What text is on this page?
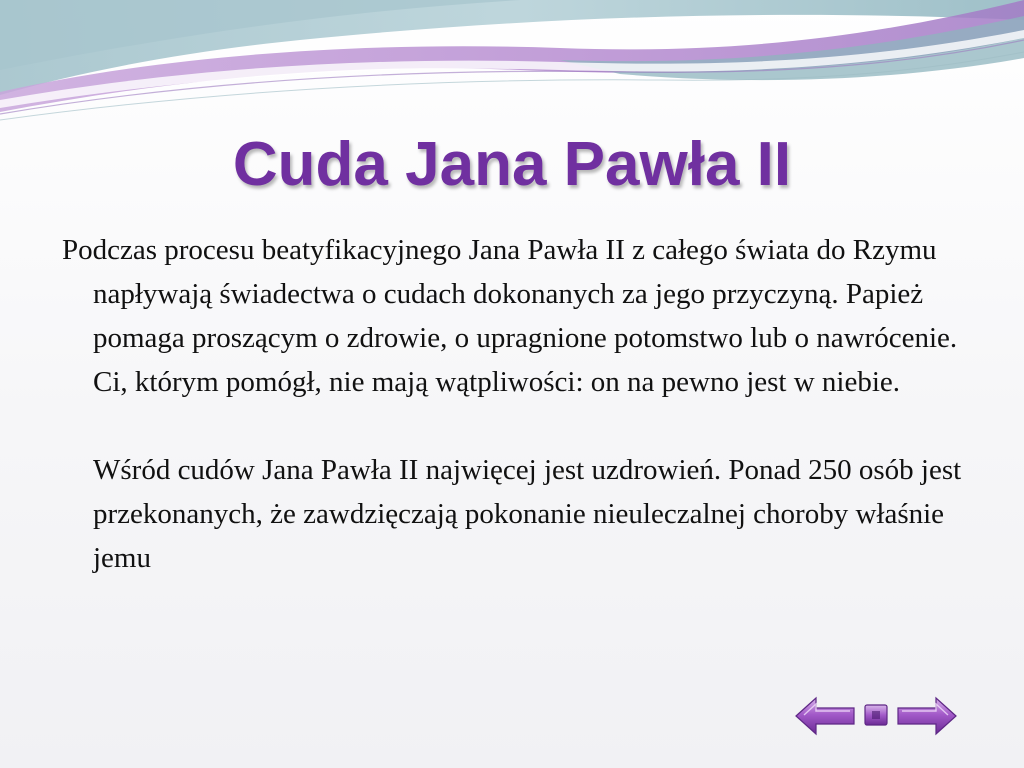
Cuda Jana Pawła II

Podczas procesu beatyfikacyjnego Jana Pawła II z całego świata do Rzymu napływają świadectwa o cudach dokonanych za jego przyczyną. Papież pomaga proszącym o zdrowie, o upragnione potomstwo lub o nawrócenie. Ci, którym pomógł, nie mają wątpliwości: on na pewno jest w niebie.

Wśród cudów Jana Pawła II najwięcej jest uzdrowień. Ponad 250 osób jest przekonanych, że zawdzięczają pokonanie nieuleczalnej choroby właśnie jemu
